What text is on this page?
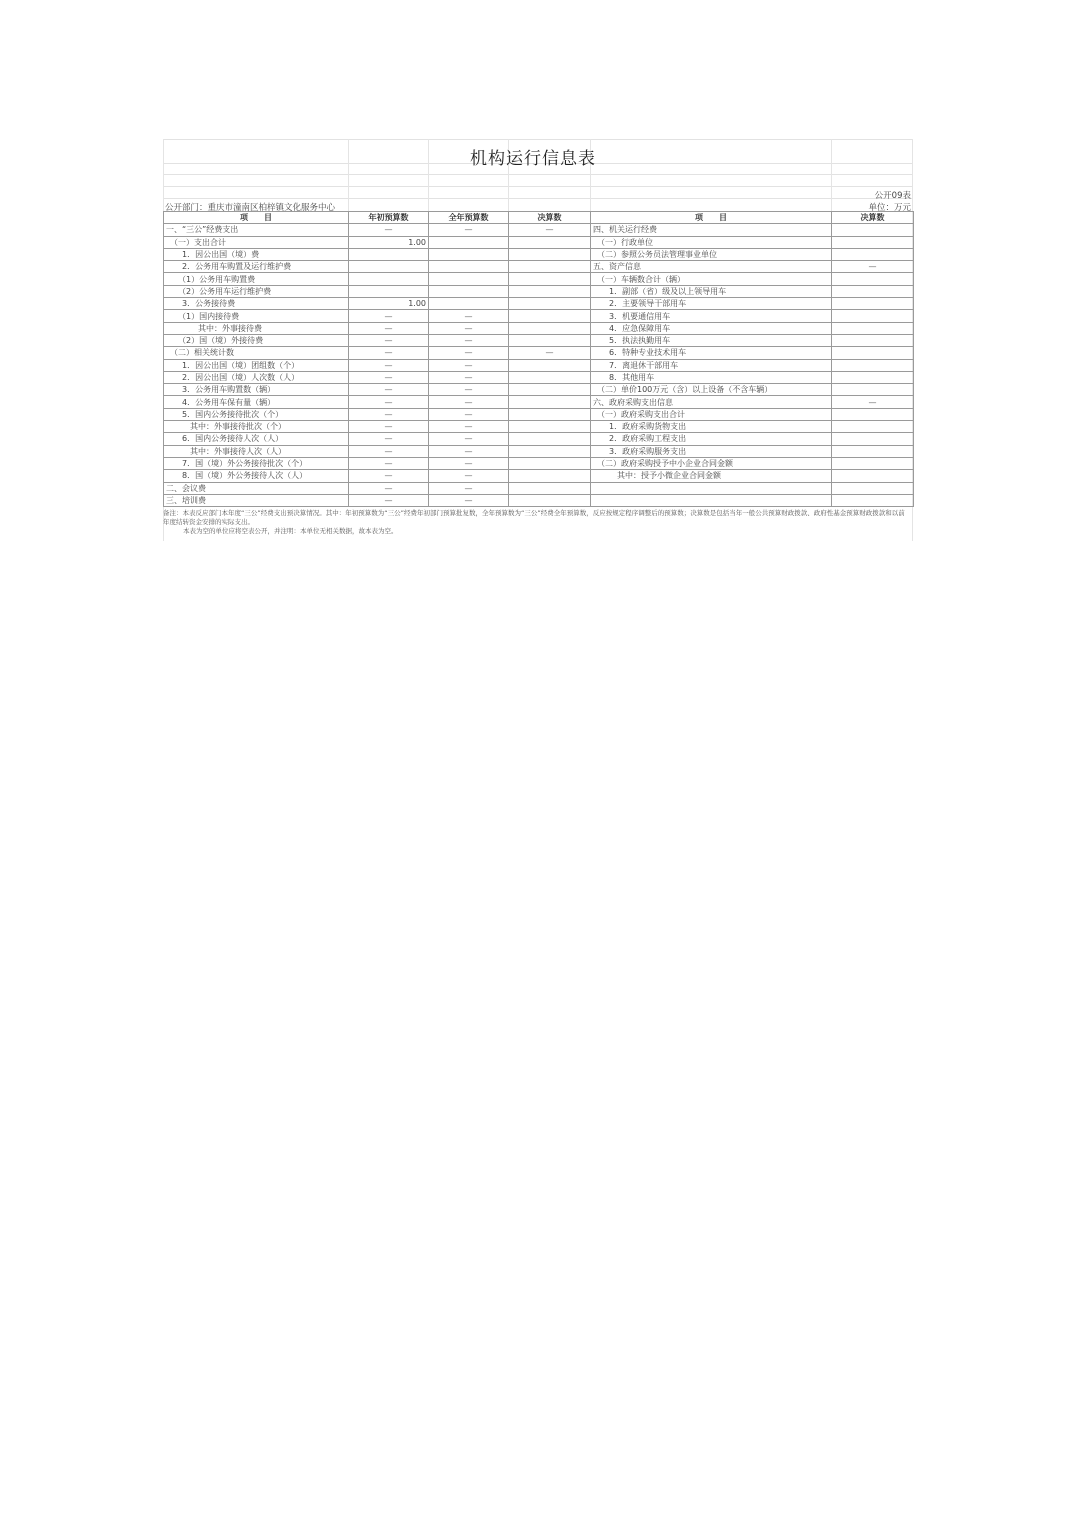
机构运行信息表
公开09表
公开部门：重庆市潼南区柏梓镇文化服务中心	单位：万元
项　　目	年初预算数	全年预算数	决算数	项　　目	决算数
一、“三公”经费支出	—	—	—	四、机关运行经费	
　（一）支出合计	1.00			　（一）行政单位	
　　1．因公出国（境）费				　（二）参照公务员法管理事业单位	
　　2．公务用车购置及运行维护费				五、资产信息	—
　　（1）公务用车购置费				　（一）车辆数合计（辆）	
　　（2）公务用车运行维护费				　　1．副部（省）级及以上领导用车	
　　3．公务接待费	1.00			　　2．主要领导干部用车	
　　（1）国内接待费	—	—		　　3．机要通信用车	
　　　　其中：外事接待费	—	—		　　4．应急保障用车	
　　（2）国（境）外接待费	—	—		　　5．执法执勤用车	
　（二）相关统计数	—	—	—	　　6．特种专业技术用车	
　　1．因公出国（境）团组数（个）	—	—		　　7．离退休干部用车	
　　2．因公出国（境）人次数（人）	—	—		　　8．其他用车	
　　3．公务用车购置数（辆）	—	—		　（二）单价100万元（含）以上设备（不含车辆）	
　　4．公务用车保有量（辆）	—	—		六、政府采购支出信息	—
　　5．国内公务接待批次（个）	—	—		　（一）政府采购支出合计	
　　　其中：外事接待批次（个）	—	—		　　1．政府采购货物支出	
　　6．国内公务接待人次（人）	—	—		　　2．政府采购工程支出	
　　　其中：外事接待人次（人）	—	—		　　3．政府采购服务支出	
　　7．国（境）外公务接待批次（个）	—	—		　（二）政府采购授予中小企业合同金额	
　　8．国（境）外公务接待人次（人）	—	—		　　　其中：授予小微企业合同金额	
二、会议费	—	—			
三、培训费	—	—			
备注：本表反应部门本年度“三公”经费支出预决算情况。其中：年初预算数为“三公”经费年初部门预算批复数，全年预算数为“三公”经费全年预算数，反应按规定程序调整后的预算数；决算数是包括当年一般公共预算财政拨款、政府性基金预算财政拨款和以前年度结转资金安排的实际支出。
本表为空的单位应将空表公开，并注明：本单位无相关数据，故本表为空。
